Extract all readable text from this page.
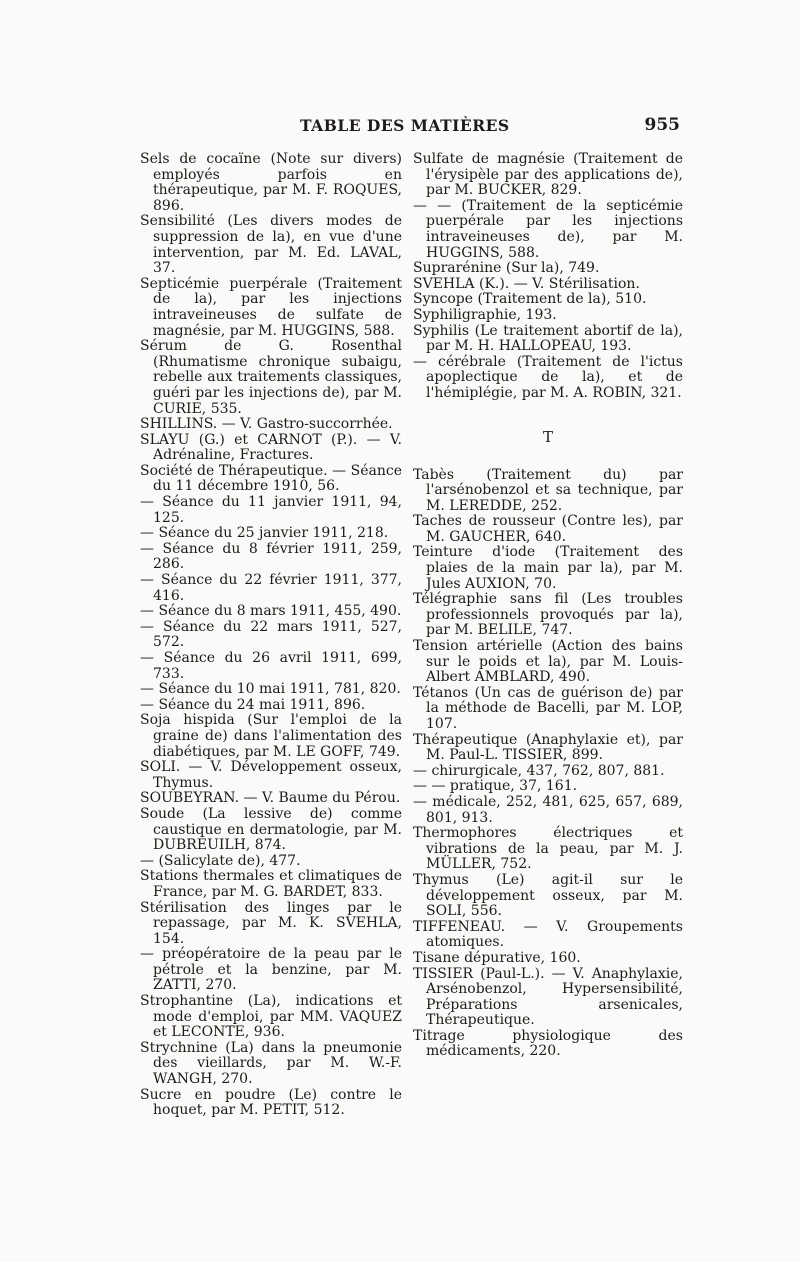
TABLE DES MATIÈRES	955

Sels de cocaïne (Note sur divers) employés parfois en thérapeutique, par M. F. ROQUES, 896.

Sensibilité (Les divers modes de suppression de la), en vue d'une intervention, par M. Ed. LAVAL, 37.

Septicémie puerpérale (Traitement de la), par les injections intraveineuses de sulfate de magnésie, par M. HUGGINS, 588.

Sérum de G. Rosenthal (Rhumatisme chronique subaigu, rebelle aux traitements classiques, guéri par les injections de), par M. CURIE, 535.

SHILLINS. — V. Gastro-succorrhée.

SLAYU (G.) et CARNOT (P.). — V. Adrénaline, Fractures.

Société de Thérapeutique. — Séance du 11 décembre 1910, 56.

— Séance du 11 janvier 1911, 94, 125.

— Séance du 25 janvier 1911, 218.

— Séance du 8 février 1911, 259, 286.

— Séance du 22 février 1911, 377, 416.

— Séance du 8 mars 1911, 455, 490.

— Séance du 22 mars 1911, 527, 572.

— Séance du 26 avril 1911, 699, 733.

— Séance du 10 mai 1911, 781, 820.

— Séance du 24 mai 1911, 896.

Soja hispida (Sur l'emploi de la graine de) dans l'alimentation des diabétiques, par M. LE GOFF, 749.

SOLI. — V. Développement osseux, Thymus.

SOUBEYRAN. — V. Baume du Pérou.

Soude (La lessive de) comme caustique en dermatologie, par M. DUBREUILH, 874.

— (Salicylate de), 477.

Stations thermales et climatiques de France, par M. G. BARDET, 833.

Stérilisation des linges par le repassage, par M. K. SVEHLA, 154.

— préopératoire de la peau par le pétrole et la benzine, par M. ZATTI, 270.

Strophantine (La), indications et mode d'emploi, par MM. VAQUEZ et LECONTE, 936.

Strychnine (La) dans la pneumonie des vieillards, par M. W.-F. WANGH, 270.

Sucre en poudre (Le) contre le hoquet, par M. PETIT, 512.

Sulfate de magnésie (Traitement de l'érysipèle par des applications de), par M. BUCKER, 829.

— — (Traitement de la septicémie puerpérale par les injections intraveineuses de), par M. HUGGINS, 588.

Suprarénine (Sur la), 749.

SVEHLA (K.). — V. Stérilisation.

Syncope (Traitement de la), 510.

Syphiligraphie, 193.

Syphilis (Le traitement abortif de la), par M. H. HALLOPEAU, 193.

— cérébrale (Traitement de l'ictus apoplectique de la), et de l'hémiplégie, par M. A. ROBIN, 321.

T

Tabès (Traitement du) par l'arsénobenzol et sa technique, par M. LEREDDE, 252.

Taches de rousseur (Contre les), par M. GAUCHER, 640.

Teinture d'iode (Traitement des plaies de la main par la), par M. Jules AUXION, 70.

Télégraphie sans fil (Les troubles professionnels provoqués par la), par M. BELILE, 747.

Tension artérielle (Action des bains sur le poids et la), par M. Louis-Albert AMBLARD, 490.

Tétanos (Un cas de guérison de) par la méthode de Bacelli, par M. LOP, 107.

Thérapeutique (Anaphylaxie et), par M. Paul-L. TISSIER, 899.

— chirurgicale, 437, 762, 807, 881.

— — pratique, 37, 161.

— médicale, 252, 481, 625, 657, 689, 801, 913.

Thermophores électriques et vibrations de la peau, par M. J. MÜLLER, 752.

Thymus (Le) agit-il sur le développement osseux, par M. SOLI, 556.

TIFFENEAU. — V. Groupements atomiques.

Tisane dépurative, 160.

TISSIER (Paul-L.). — V. Anaphylaxie, Arsénobenzol, Hypersensibilité, Préparations arsenicales, Thérapeutique.

Titrage physiologique des médicaments, 220.
